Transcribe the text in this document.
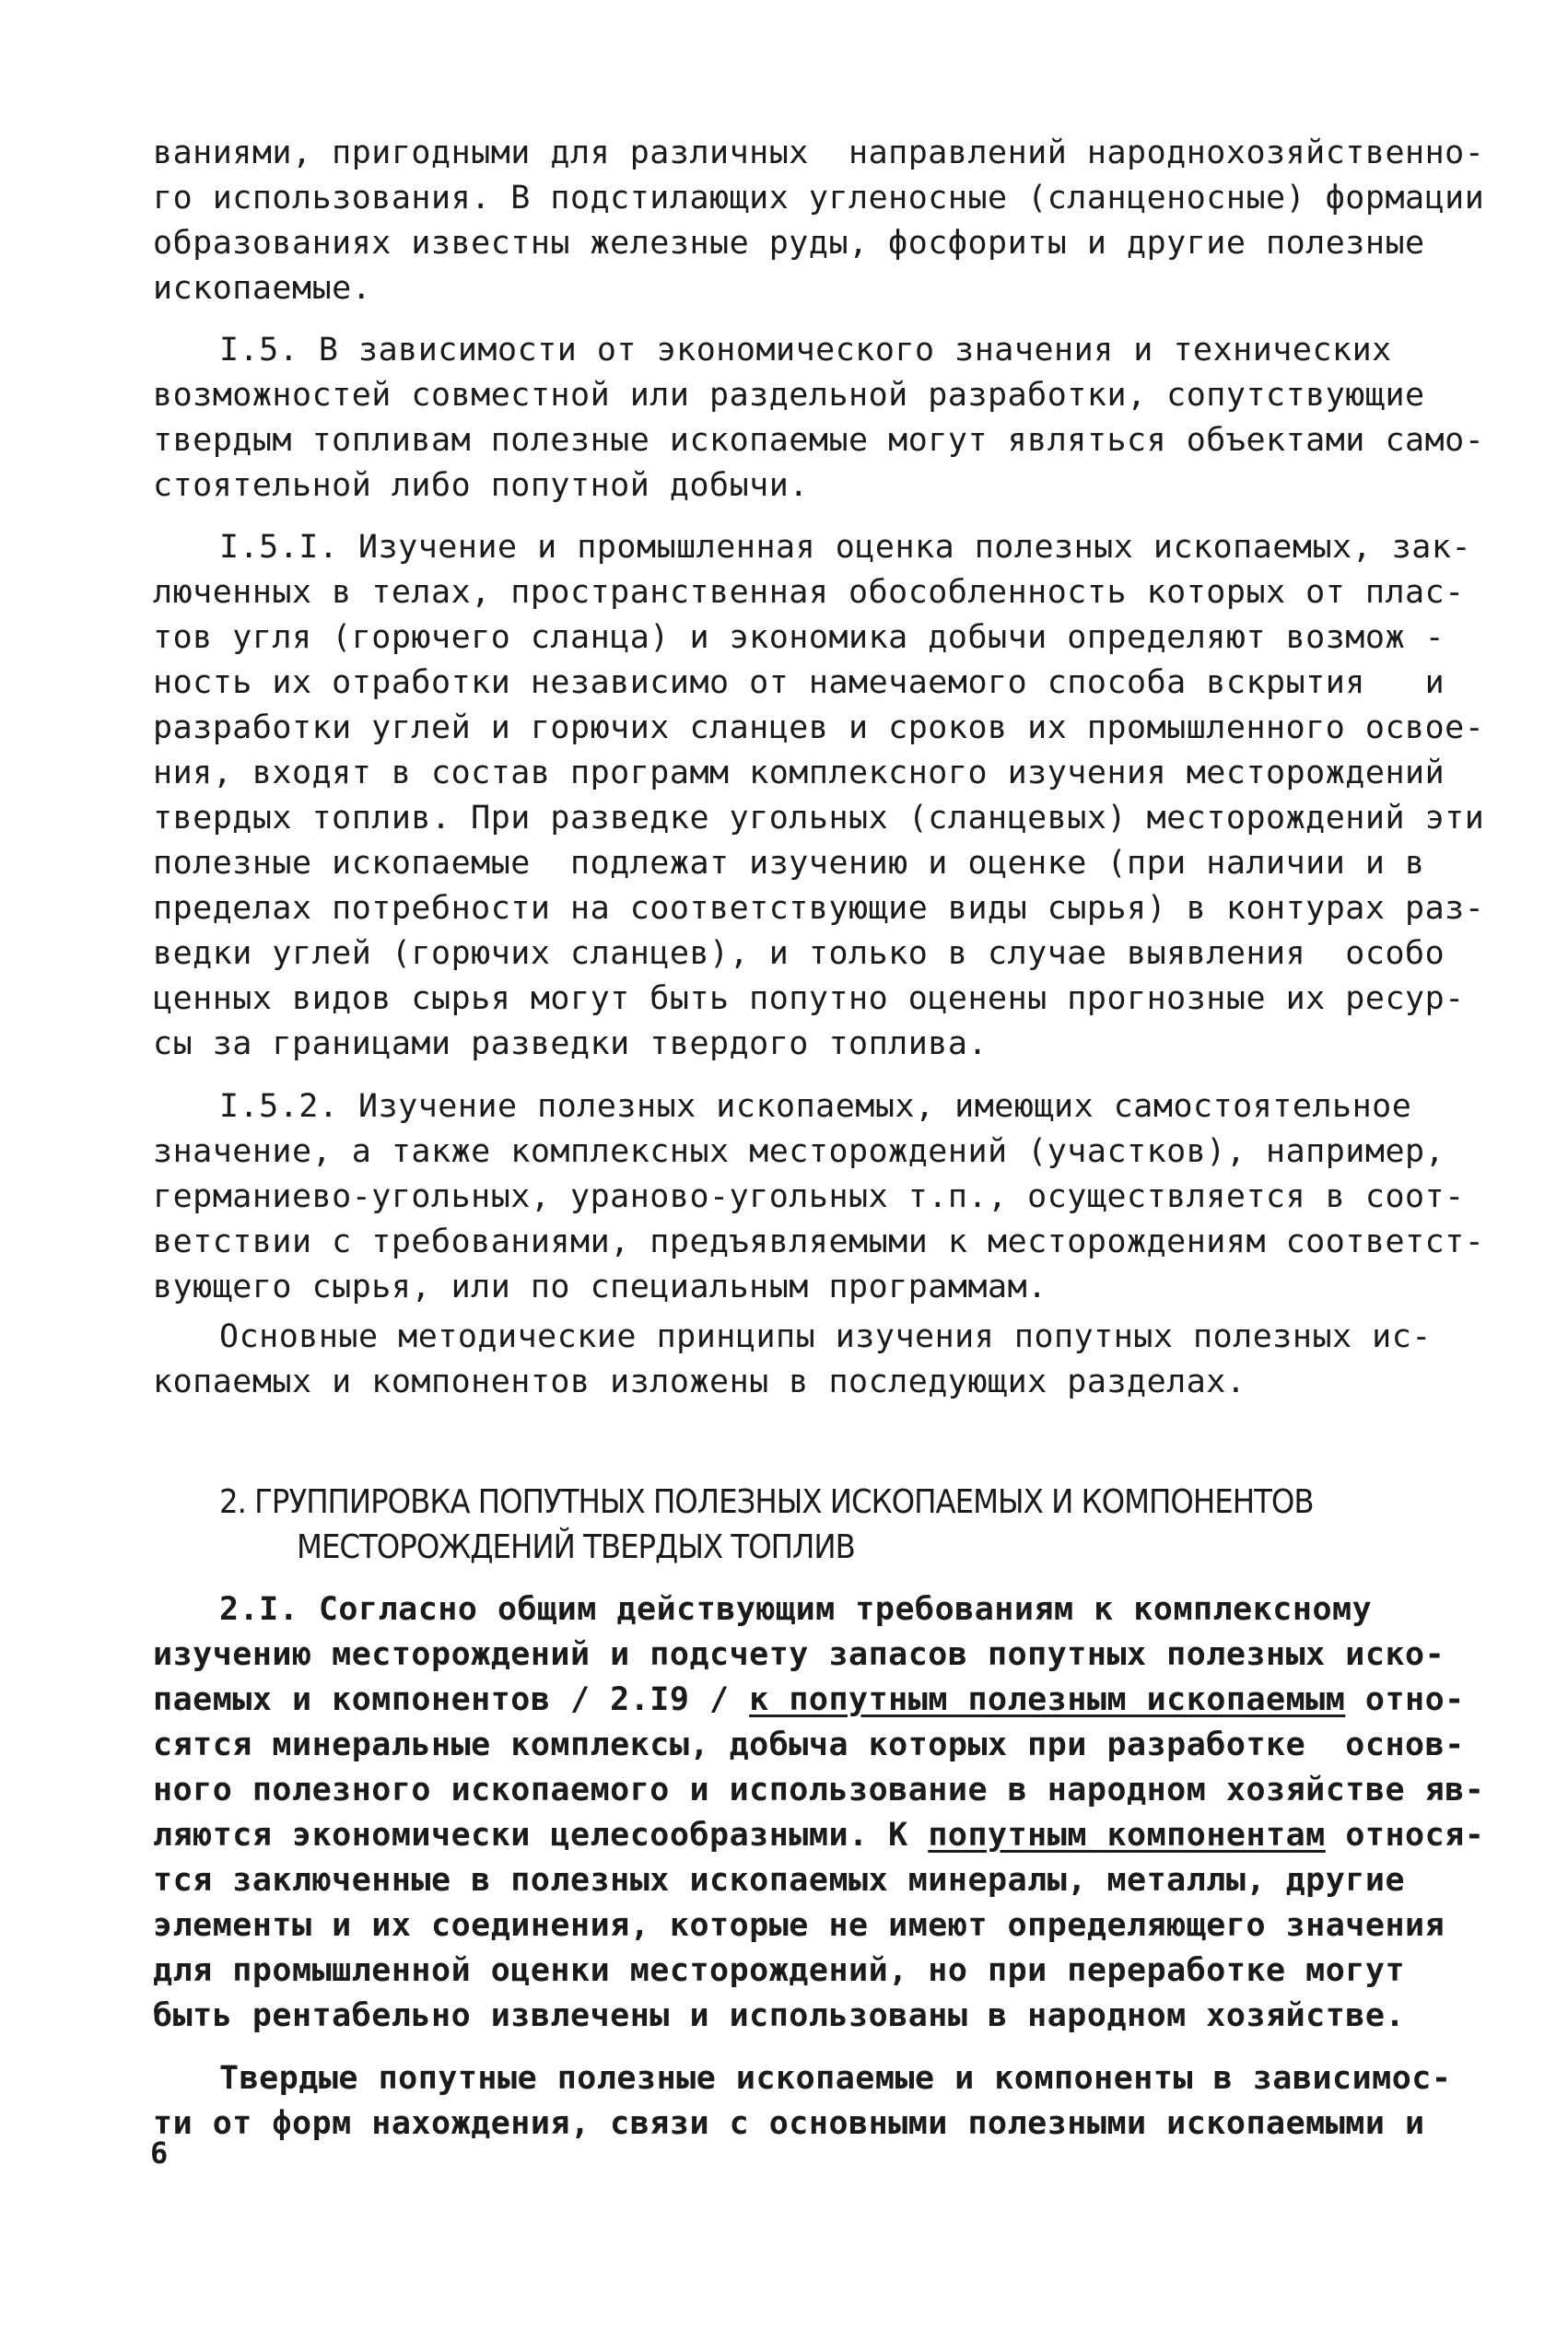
ваниями, пригодными для различных  направлений народнохозяйственно-
го использования. В подстилающих угленосные (сланценосные) формации
образованиях известны железные руды, фосфориты и другие полезные
ископаемые.
I.5. В зависимости от экономического значения и технических
возможностей совместной или раздельной разработки, сопутствующие
твердым топливам полезные ископаемые могут являться объектами само-
стоятельной либо попутной добычи.
I.5.I. Изучение и промышленная оценка полезных ископаемых, зак-
люченных в телах, пространственная обособленность которых от плас-
тов угля (горючего сланца) и экономика добычи определяют возмож -
ность их отработки независимо от намечаемого способа вскрытия   и
разработки углей и горючих сланцев и сроков их промышленного освое-
ния, входят в состав программ комплексного изучения месторождений
твердых топлив. При разведке угольных (сланцевых) месторождений эти
полезные ископаемые  подлежат изучению и оценке (при наличии и в
пределах потребности на соответствующие виды сырья) в контурах раз-
ведки углей (горючих сланцев), и только в случае выявления  особо
ценных видов сырья могут быть попутно оценены прогнозные их ресур-
сы за границами разведки твердого топлива.
I.5.2. Изучение полезных ископаемых, имеющих самостоятельное
значение, а также комплексных месторождений (участков), например,
германиево-угольных, ураново-угольных т.п., осуществляется в соот-
ветствии с требованиями, предъявляемыми к месторождениям соответст-
вующего сырья, или по специальным программам.
Основные методические принципы изучения попутных полезных ис-
копаемых и компонентов изложены в последующих разделах.
2. ГРУППИРОВКА ПОПУТНЫХ ПОЛЕЗНЫХ ИСКОПАЕМЫХ И КОМПОНЕНТОВ
МЕСТОРОЖДЕНИЙ ТВЕРДЫХ ТОПЛИВ
2.I. Согласно общим действующим требованиям к комплексному
изучению месторождений и подсчету запасов попутных полезных иско-
паемых и компонентов / 2.I9 / к попутным полезным ископаемым отно-
сятся минеральные комплексы, добыча которых при разработке  основ-
ного полезного ископаемого и использование в народном хозяйстве яв-
ляются экономически целесообразными. К попутным компонентам относя-
тся заключенные в полезных ископаемых минералы, металлы, другие
элементы и их соединения, которые не имеют определяющего значения
для промышленной оценки месторождений, но при переработке могут
быть рентабельно извлечены и использованы в народном хозяйстве.
Твердые попутные полезные ископаемые и компоненты в зависимос-
ти от форм нахождения, связи с основными полезными ископаемыми и
6
